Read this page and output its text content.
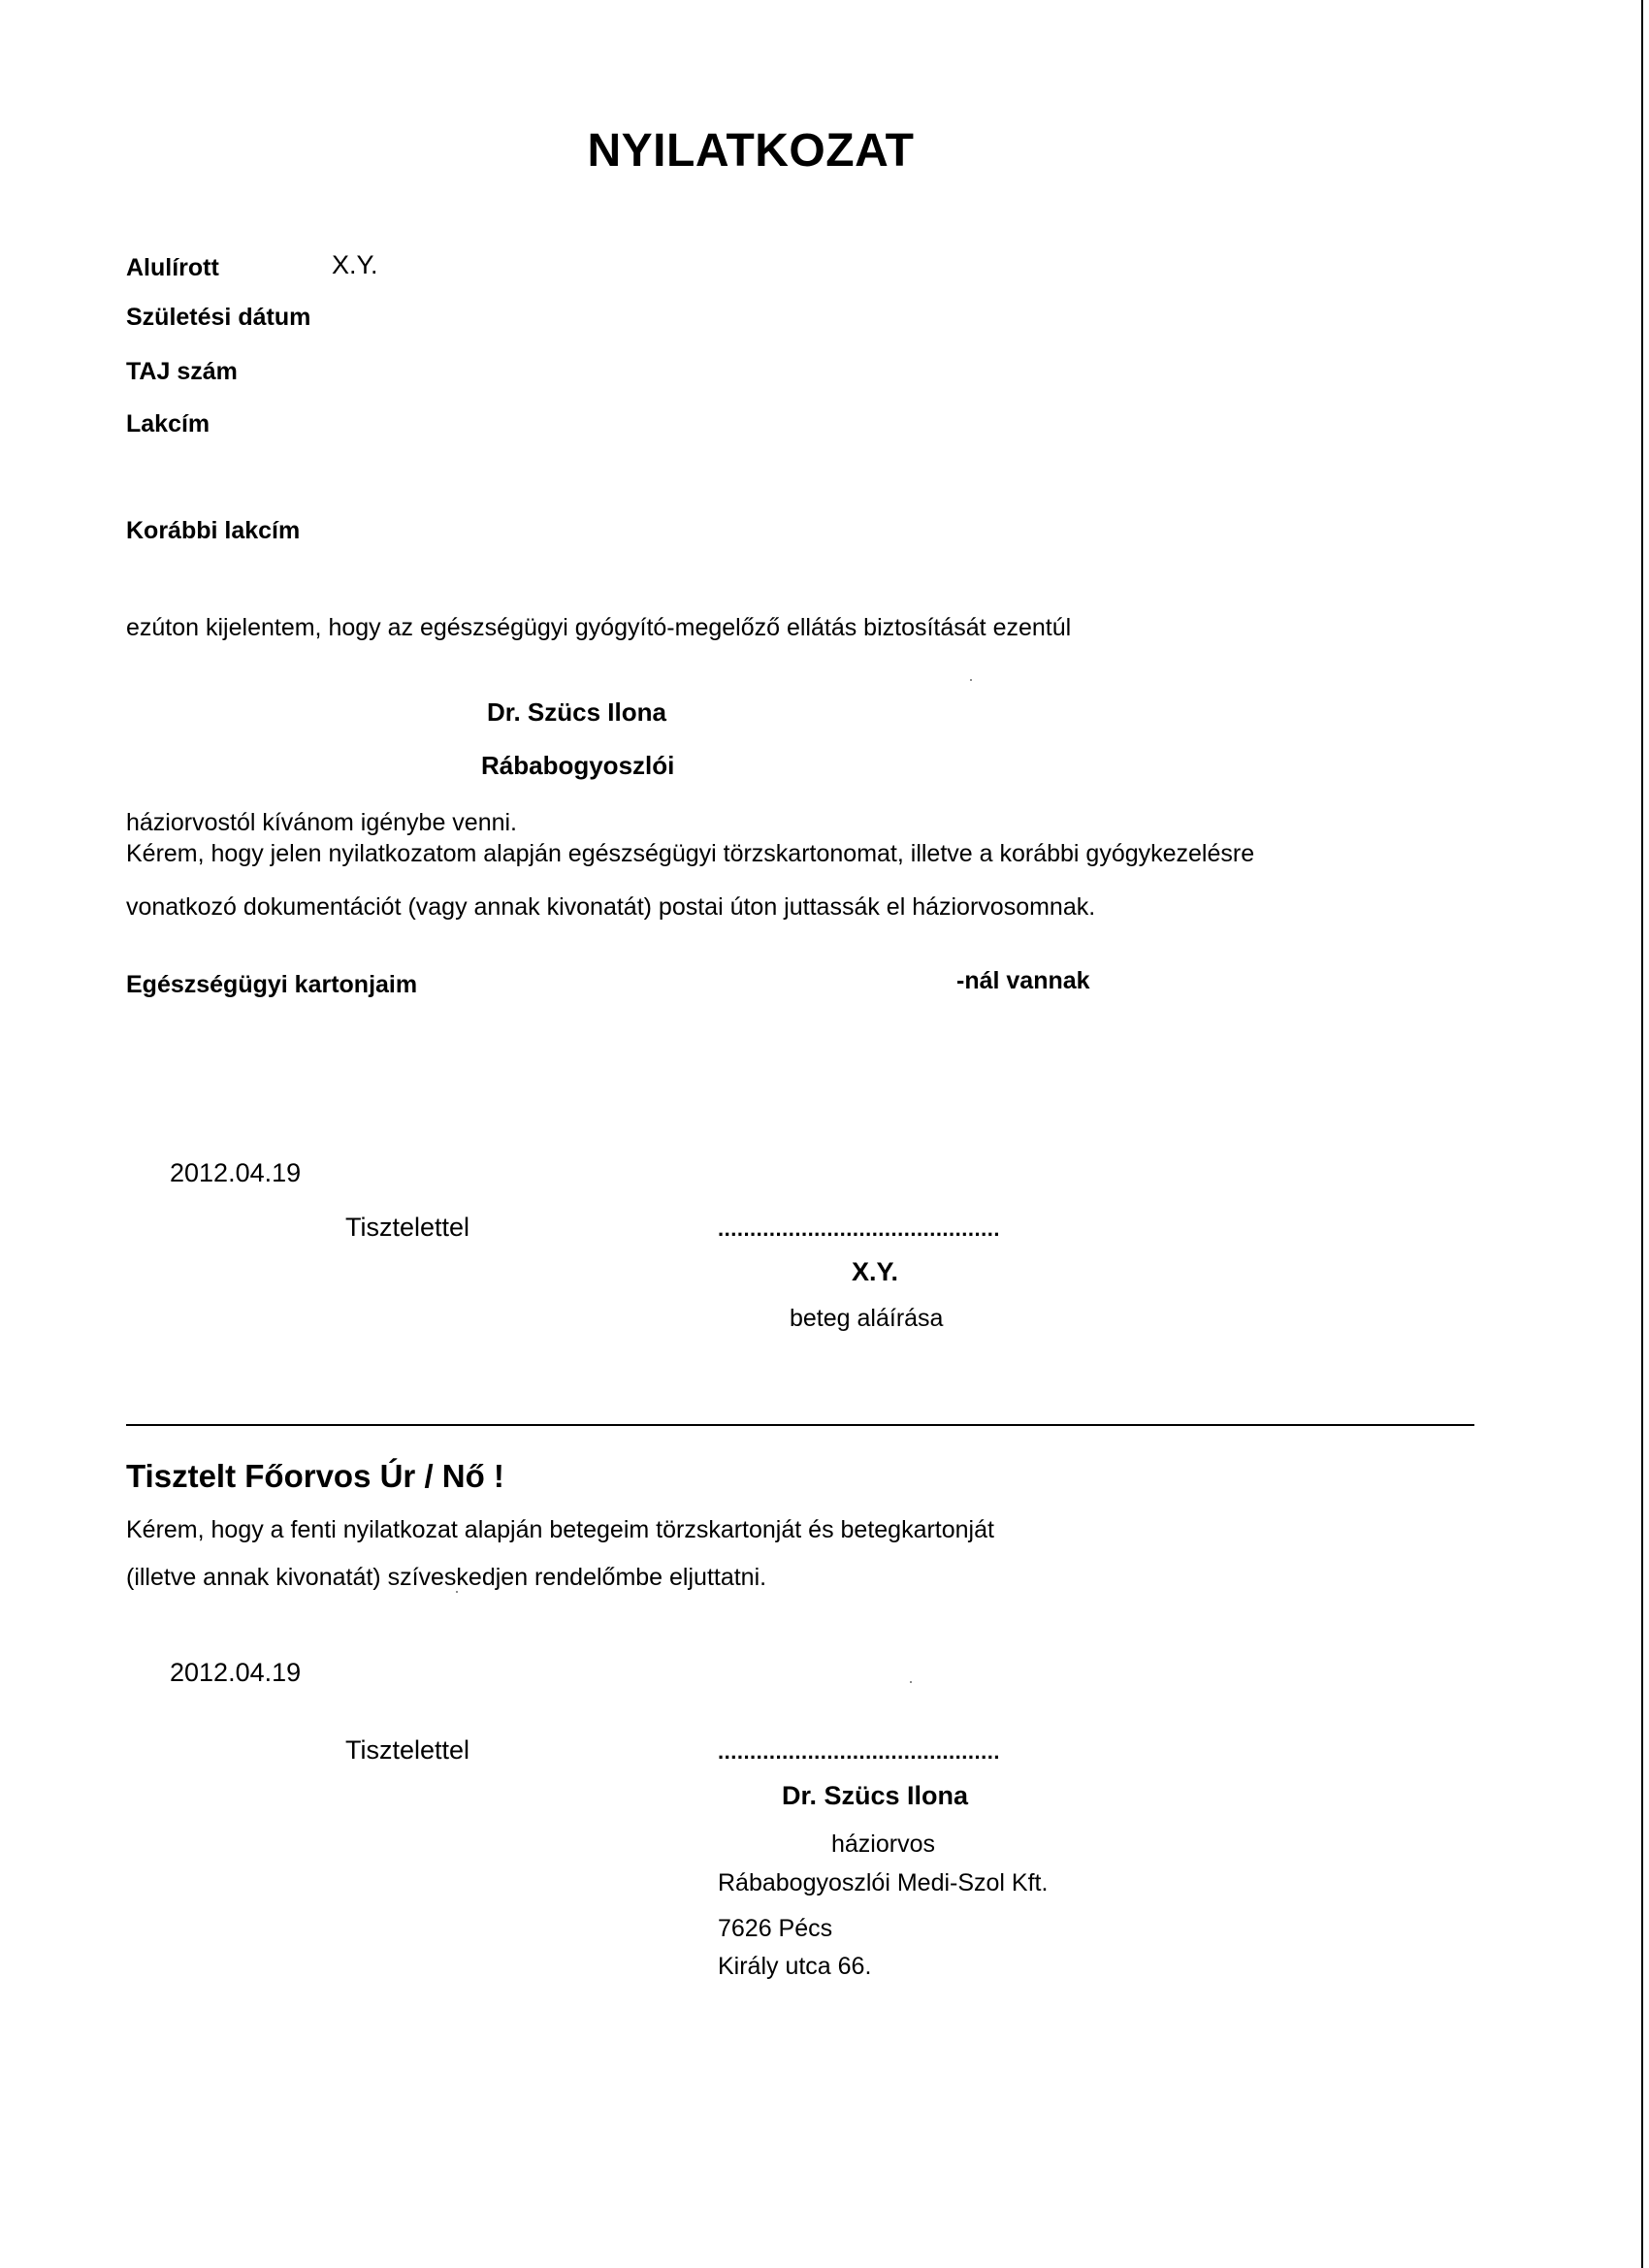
NYILATKOZAT
Alulírott	X.Y.
Születési dátum
TAJ szám
Lakcím
Korábbi lakcím
ezúton kijelentem, hogy az egészségügyi gyógyító-megelőző ellátás biztosítását ezentúl
Dr. Szücs Ilona
Rábabogyoszlói
háziorvostól kívánom igénybe venni.
Kérem, hogy jelen nyilatkozatom alapján egészségügyi törzskartonomat, illetve a korábbi gyógykezelésre
vonatkozó dokumentációt (vagy annak kivonatát) postai úton juttassák el háziorvosomnak.
Egészségügyi kartonjaim	-nál vannak
2012.04.19
Tisztelettel	............................................
X.Y.
beteg aláírása
Tisztelt Főorvos Úr / Nő !
Kérem, hogy a fenti nyilatkozat alapján betegeim törzskartonját és betegkartonját
(illetve annak kivonatát) szíveskedjen rendelőmbe eljuttatni.
2012.04.19
Tisztelettel	............................................
Dr. Szücs Ilona
háziorvos
Rábabogyoszlói Medi-Szol Kft.
7626 Pécs
Király utca 66.
